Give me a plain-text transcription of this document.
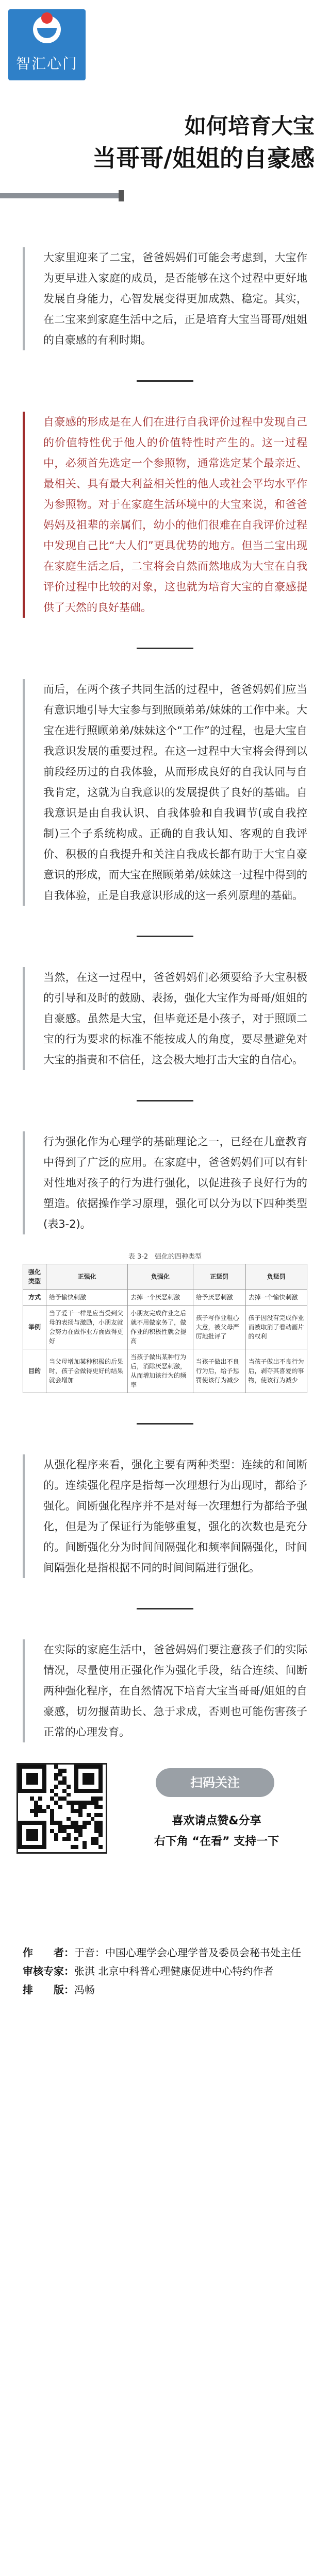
智汇心门
如何培育大宝
当哥哥/姐姐的自豪感

大家里迎来了二宝，爸爸妈妈们可能会考虑到，大宝作为更早进入家庭的成员，是否能够在这个过程中更好地发展自身能力，心智发展变得更加成熟、稳定。其实，在二宝来到家庭生活中之后，正是培育大宝当哥哥/姐姐的自豪感的有利时期。

自豪感的形成是在人们在进行自我评价过程中发现自己的价值特性优于他人的价值特性时产生的。这一过程中，必须首先选定一个参照物，通常选定某个最亲近、最相关、具有最大利益相关性的他人或社会平均水平作为参照物。对于在家庭生活环境中的大宝来说，和爸爸妈妈及祖辈的亲属们，幼小的他们很难在自我评价过程中发现自己比“大人们”更具优势的地方。但当二宝出现在家庭生活之后，二宝将会自然而然地成为大宝在自我评价过程中比较的对象，这也就为培育大宝的自豪感提供了天然的良好基础。

而后，在两个孩子共同生活的过程中，爸爸妈妈们应当有意识地引导大宝参与到照顾弟弟/妹妹的工作中来。大宝在进行照顾弟弟/妹妹这个“工作”的过程，也是大宝自我意识发展的重要过程。在这一过程中大宝将会得到以前段经历过的自我体验，从而形成良好的自我认同与自我肯定，这就为自我意识的发展提供了良好的基础。自我意识是由自我认识、自我体验和自我调节(或自我控制)三个子系统构成。正确的自我认知、客观的自我评价、积极的自我提升和关注自我成长都有助于大宝自豪意识的形成，而大宝在照顾弟弟/妹妹这一过程中得到的自我体验，正是自我意识形成的这一系列原理的基础。

当然，在这一过程中，爸爸妈妈们必须要给予大宝积极的引导和及时的鼓励、表扬，强化大宝作为哥哥/姐姐的自豪感。虽然是大宝，但毕竟还是小孩子，对于照顾二宝的行为要求的标准不能按成人的角度，要尽量避免对大宝的指责和不信任，这会极大地打击大宝的自信心。

行为强化作为心理学的基础理论之一，已经在儿童教育中得到了广泛的应用。在家庭中，爸爸妈妈们可以有针对性地对孩子的行为进行强化，以促进孩子良好行为的塑造。依据操作学习原理，强化可以分为以下四种类型(表3-2)。

表 3-2　强化的四种类型
强化类型	正强化	负强化	正惩罚	负惩罚
方式	给予愉快刺激	去掉一个厌恶刺激	给予厌恶刺激	去掉一个愉快刺激
举例	当了爱干一样是应当受到父母的表扬与激励，小朋友就会努力在做作业方面做得更好	小朋友完成作业之后就不用做家务了，做作业的积极性就会提高	孩子写作业粗心大意，被父母严厉地批评了	孩子因没有完成作业而被取消了看动画片的权利
目的	当父母增加某种积极的后果时，孩子会做得更好的结果就会增加	当孩子做出某种行为后，消除厌恶刺激，从而增加该行为的频率	当孩子做出不良行为后，给予惩罚使该行为减少	当孩子做出不良行为后，剥夺其喜爱的事物，使该行为减少

从强化程序来看，强化主要有两种类型：连续的和间断的。连续强化程序是指每一次理想行为出现时，都给予强化。间断强化程序并不是对每一次理想行为都给予强化，但是为了保证行为能够重复，强化的次数也是充分的。间断强化分为时间间隔强化和频率间隔强化，时间间隔强化是指根据不同的时间间隔进行强化。

在实际的家庭生活中，爸爸妈妈们要注意孩子们的实际情况，尽量使用正强化作为强化手段，结合连续、间断两种强化程序，在自然情况下培育大宝当哥哥/姐姐的自豪感，切勿揠苗助长、急于求成，否则也可能伤害孩子正常的心理发育。

扫码关注
喜欢请点赞&分享
右下角 “在看” 支持一下
作　　者：于音：中国心理学会心理学普及委员会秘书处主任
审核专家：张淇 北京中科普心理健康促进中心特约作者
排　　版：冯畅
